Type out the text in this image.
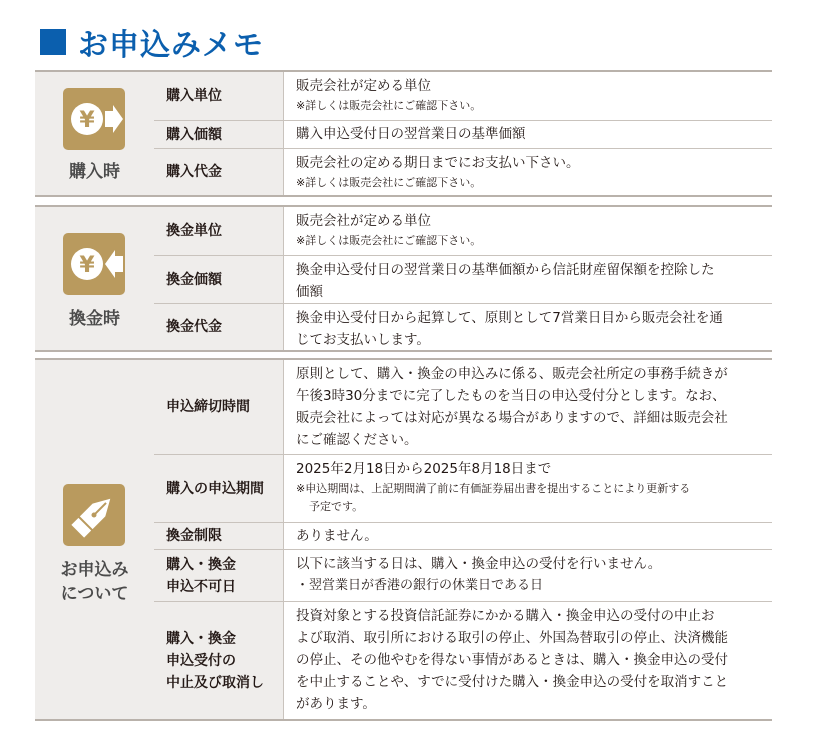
お申込みメモ
¥
購入時
購入単位
販売会社が定める単位
※詳しくは販売会社にご確認下さい。
購入価額	購入申込受付日の翌営業日の基準価額
購入代金
販売会社の定める期日までにお支払い下さい。
※詳しくは販売会社にご確認下さい。
¥
換金時
換金単位
販売会社が定める単位
※詳しくは販売会社にご確認下さい。
換金価額
換金申込受付日の翌営業日の基準価額から信託財産留保額を控除した
価額
換金代金
換金申込受付日から起算して、原則として7営業日目から販売会社を通
じてお支払いします。
お申込み
について
申込締切時間
原則として、購入・換金の申込みに係る、販売会社所定の事務手続きが
午後3時30分までに完了したものを当日の申込受付分とします。なお、
販売会社によっては対応が異なる場合がありますので、詳細は販売会社
にご確認ください。
購入の申込期間
2025年2月18日から2025年8月18日まで
※申込期間は、上記期間満了前に有価証券届出書を提出することにより更新する
予定です。
換金制限	ありません。
購入・換金
申込不可日
以下に該当する日は、購入・換金申込の受付を行いません。
・翌営業日が香港の銀行の休業日である日
購入・換金
申込受付の
中止及び取消し
投資対象とする投資信託証券にかかる購入・換金申込の受付の中止お
よび取消、取引所における取引の停止、外国為替取引の停止、決済機能
の停止、その他やむを得ない事情があるときは、購入・換金申込の受付
を中止することや、すでに受付けた購入・換金申込の受付を取消すこと
があります。
